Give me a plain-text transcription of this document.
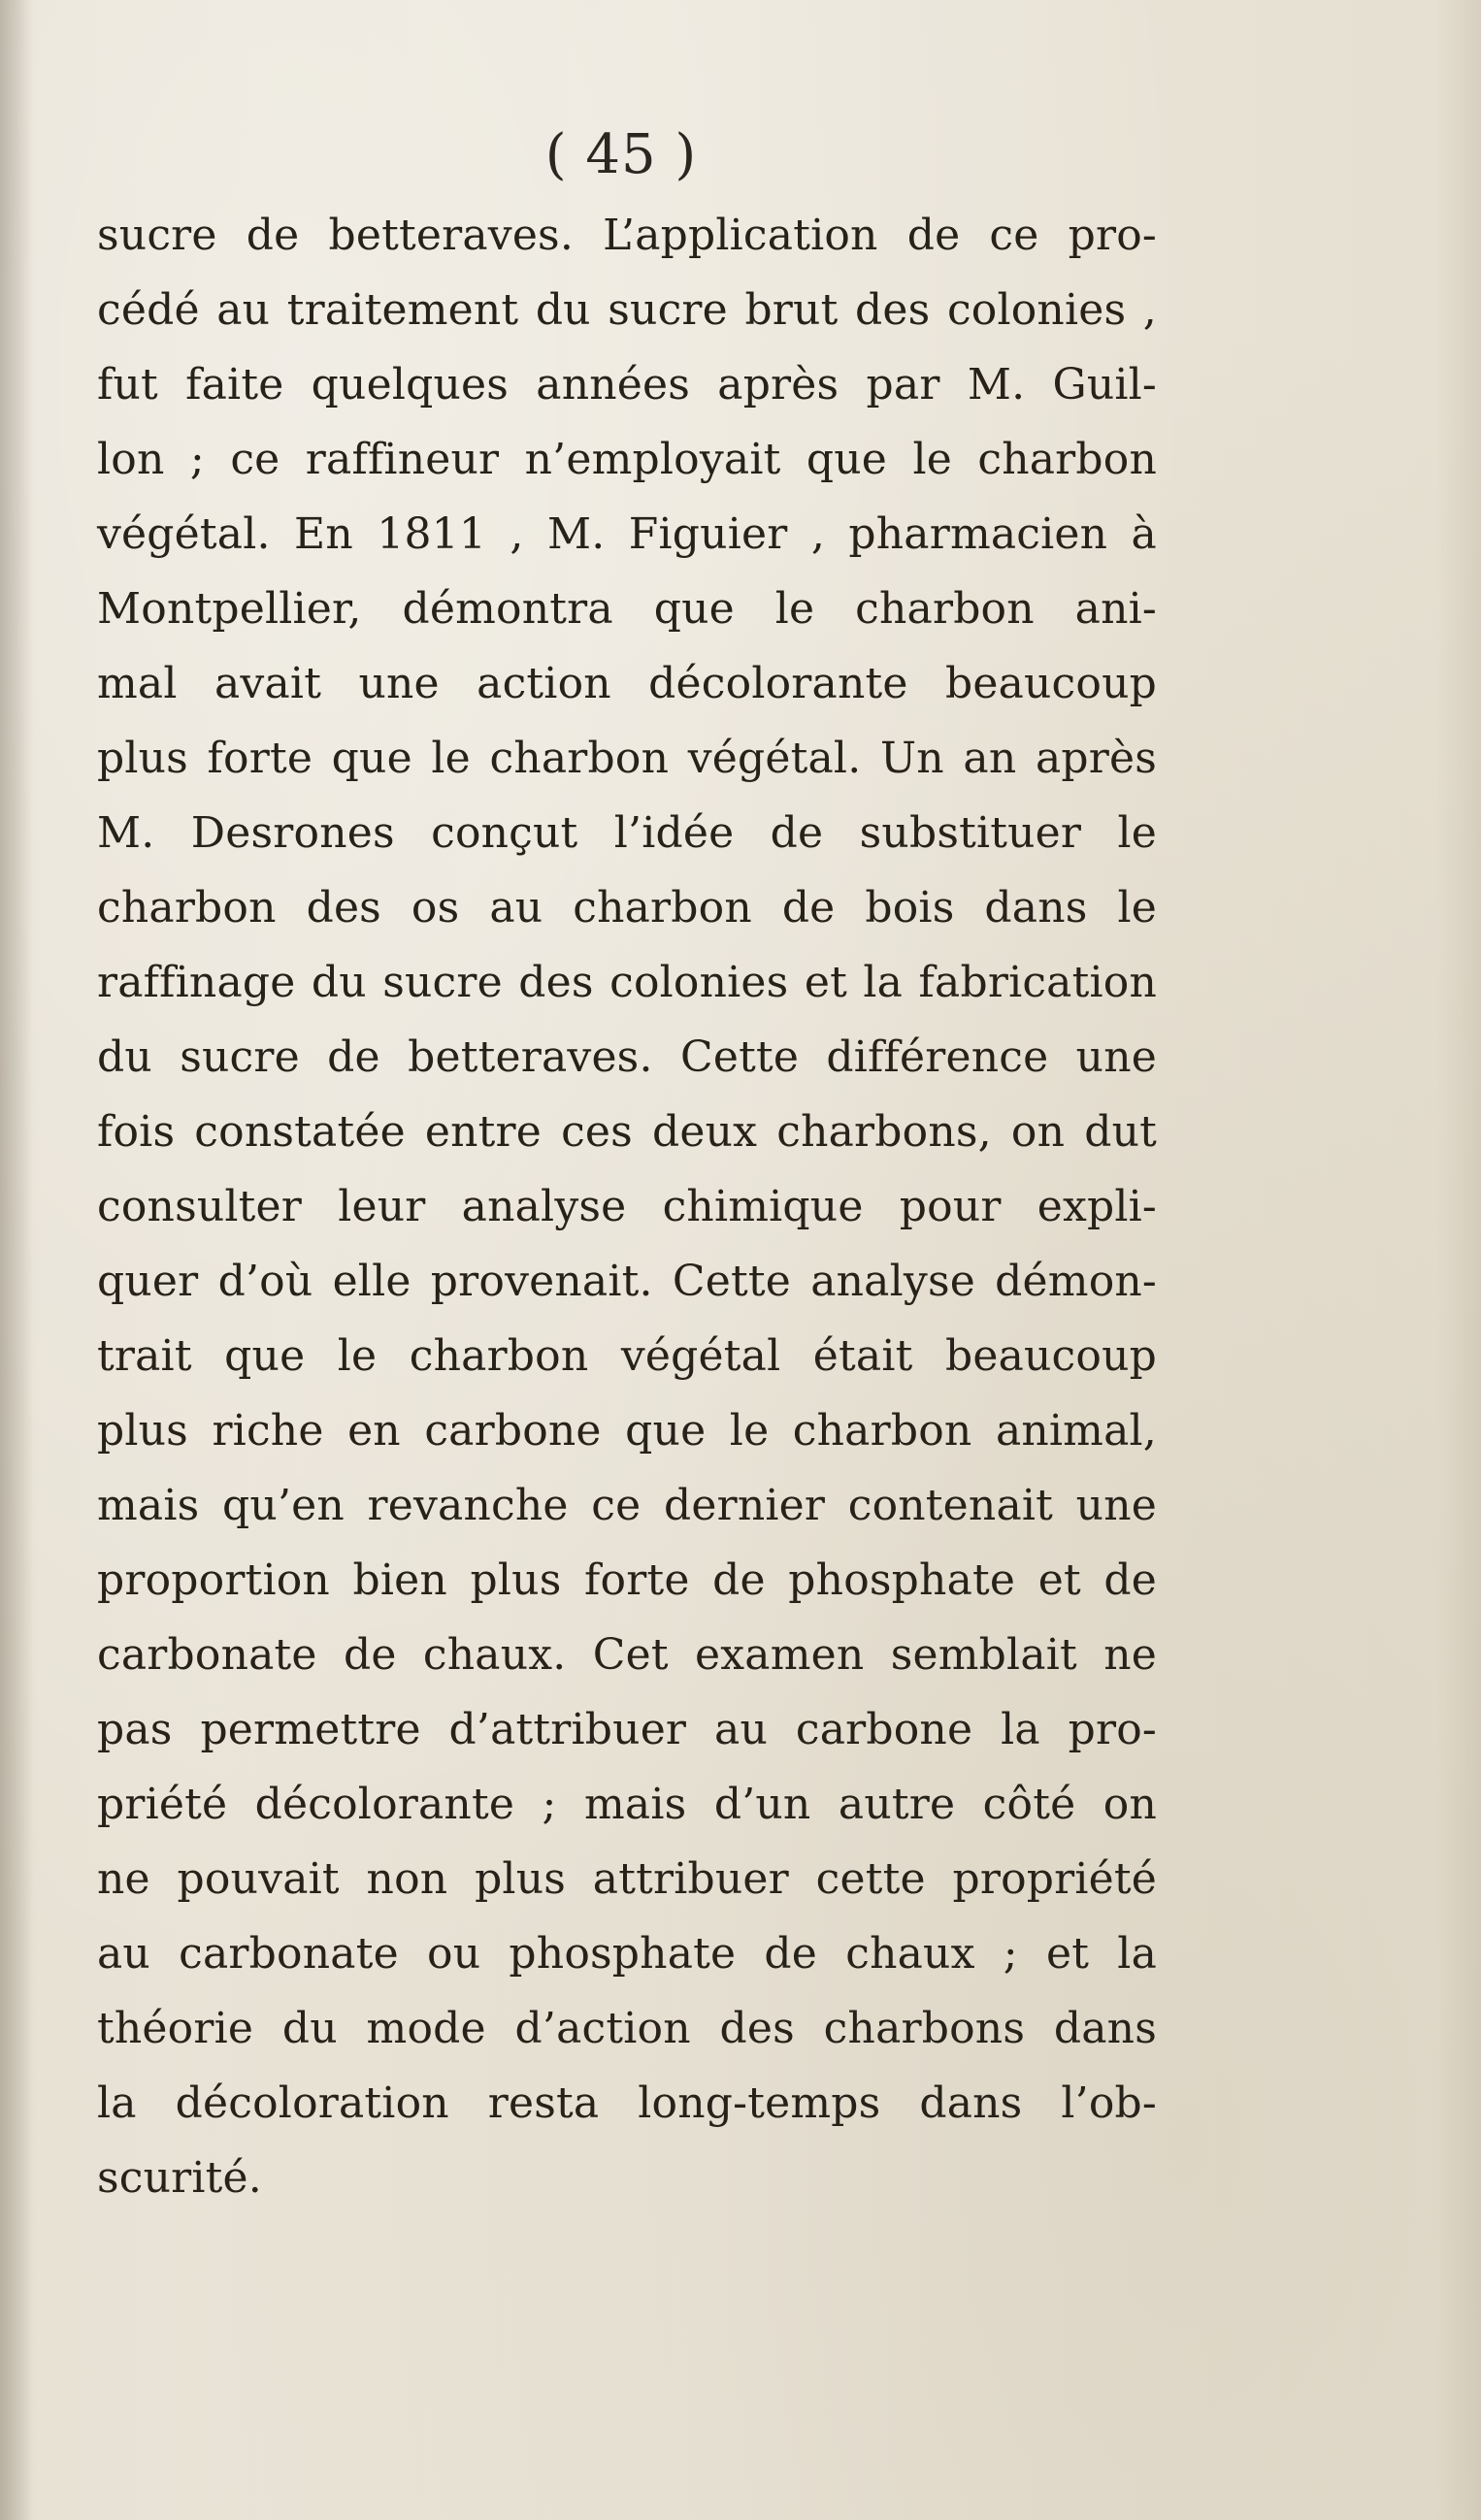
( 45 )
sucre de betteraves. L’application de ce pro-
cédé au traitement du sucre brut des colonies ,
fut faite quelques années après par M. Guil-
lon ; ce raffineur n’employait que le charbon
végétal. En 1811 , M. Figuier , pharmacien à
Montpellier, démontra que le charbon ani-
mal avait une action décolorante beaucoup
plus forte que le charbon végétal. Un an après
M. Desrones conçut l’idée de substituer le
charbon des os au charbon de bois dans le
raffinage du sucre des colonies et la fabrication
du sucre de betteraves. Cette différence une
fois constatée entre ces deux charbons, on dut
consulter leur analyse chimique pour expli-
quer d’où elle provenait. Cette analyse démon-
trait que le charbon végétal était beaucoup
plus riche en carbone que le charbon animal,
mais qu’en revanche ce dernier contenait une
proportion bien plus forte de phosphate et de
carbonate de chaux. Cet examen semblait ne
pas permettre d’attribuer au carbone la pro-
priété décolorante ; mais d’un autre côté on
ne pouvait non plus attribuer cette propriété
au carbonate ou phosphate de chaux ; et la
théorie du mode d’action des charbons dans
la décoloration resta long-temps dans l’ob-
scurité.
